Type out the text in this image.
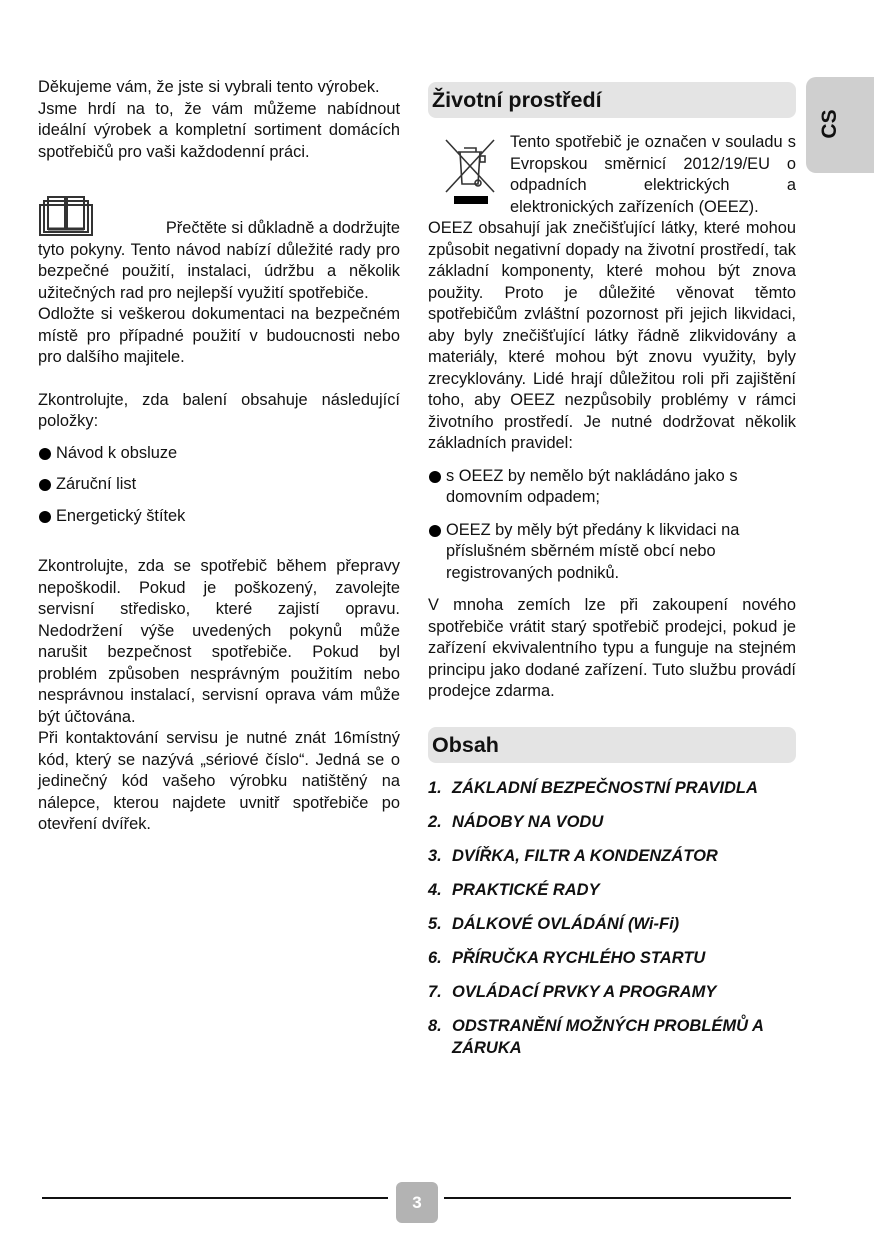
Děkujeme vám, že jste si vybrali tento výrobek.

Jsme hrdí na to, že vám můžeme nabídnout ideální výrobek a kompletní sortiment domácích spotřebičů pro vaši každodenní práci.

Přečtěte si důkladně a dodržujte

tyto pokyny. Tento návod nabízí důležité rady pro bezpečné použití, instalaci, údržbu a několik užitečných rad pro nejlepší využití spotřebiče.

Odložte si veškerou dokumentaci na bezpečném místě pro případné použití v budoucnosti nebo pro dalšího majitele.

Zkontrolujte, zda balení obsahuje následující položky:

Návod k obsluze
Záruční list
Energetický štítek

Zkontrolujte, zda se spotřebič během přepravy nepoškodil. Pokud je poškozený, zavolejte servisní středisko, které zajistí opravu. Nedodržení výše uvedených pokynů může narušit bezpečnost spotřebiče. Pokud byl problém způsoben nesprávným použitím nebo nesprávnou instalací, servisní oprava vám může být účtována.

Při kontaktování servisu je nutné znát 16místný kód, který se nazývá „sériové číslo“. Jedná se o jedinečný kód vašeho výrobku natištěný na nálepce, kterou najdete uvnitř spotřebiče po otevření dvířek.

Životní prostředí

Tento spotřebič je označen v souladu s Evropskou směrnicí 2012/19/EU o odpadních elektrických a elektronických zařízeních (OEEZ).

OEEZ obsahují jak znečišťující látky, které mohou způsobit negativní dopady na životní prostředí, tak základní komponenty, které mohou být znova použity. Proto je důležité věnovat těmto spotřebičům zvláštní pozornost při jejich likvidaci, aby byly znečišťující látky řádně zlikvidovány a materiály, které mohou být znovu využity, byly zrecyklovány. Lidé hrají důležitou roli při zajištění toho, aby OEEZ nezpůsobily problémy v rámci životního prostředí. Je nutné dodržovat několik základních pravidel:

s OEEZ by nemělo být nakládáno jako s domovním odpadem;
OEEZ by měly být předány k likvidaci na příslušném sběrném místě obcí nebo registrovaných podniků.

V mnoha zemích lze při zakoupení nového spotřebiče vrátit starý spotřebič prodejci, pokud je zařízení ekvivalentního typu a funguje na stejném principu jako dodané zařízení. Tuto službu provádí prodejce zdarma.

Obsah
1. ZÁKLADNÍ BEZPEČNOSTNÍ PRAVIDLA
2. NÁDOBY NA VODU
3. DVÍŘKA, FILTR A KONDENZÁTOR
4. PRAKTICKÉ RADY
5. DÁLKOVÉ OVLÁDÁNÍ (Wi-Fi)
6. PŘÍRUČKA RYCHLÉHO STARTU
7. OVLÁDACÍ PRVKY A PROGRAMY
8. ODSTRANĚNÍ MOŽNÝCH PROBLÉMŮ A ZÁRUKA
CS
3
